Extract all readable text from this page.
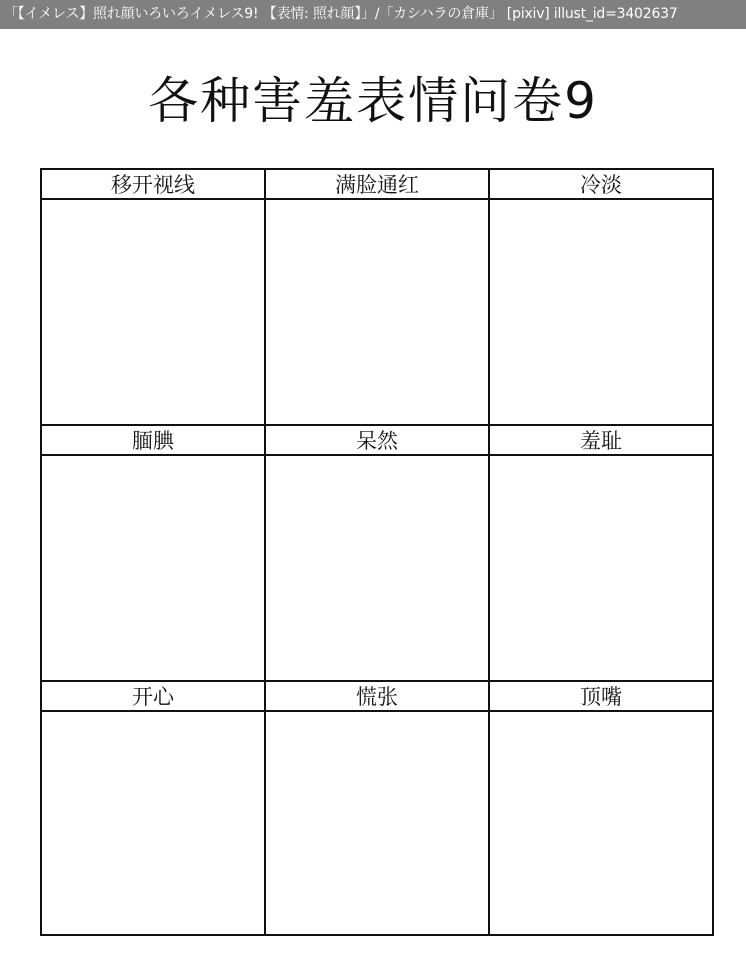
「【イメレス】照れ顔いろいろイメレス9! 【表情: 照れ顔】」/「カシハラの倉庫」 [pixiv] illust_id=3402637
各种害羞表情问卷9
移开视线	满脸通红	冷淡
腼腆	呆然	羞耻
开心	慌张	顶嘴
